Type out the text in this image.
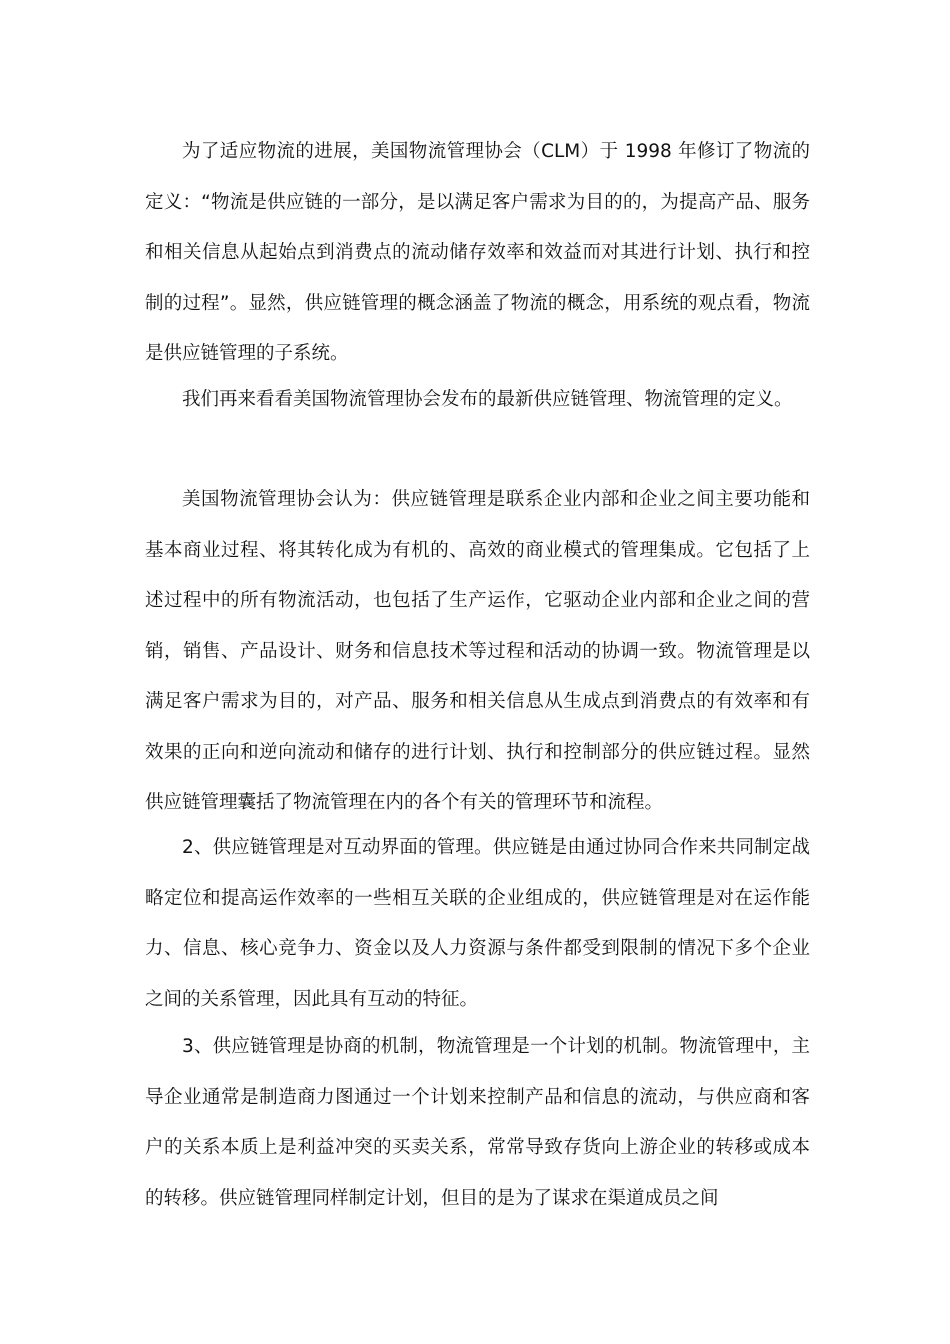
为了适应物流的进展，美国物流管理协会（CLM）于 1998 年修订了物流的定义：“物流是供应链的一部分，是以满足客户需求为目的的，为提高产品、服务和相关信息从起始点到消费点的流动储存效率和效益而对其进行计划、执行和控制的过程”。显然，供应链管理的概念涵盖了物流的概念，用系统的观点看，物流是供应链管理的子系统。

我们再来看看美国物流管理协会发布的最新供应链管理、物流管理的定义。

美国物流管理协会认为：供应链管理是联系企业内部和企业之间主要功能和基本商业过程、将其转化成为有机的、高效的商业模式的管理集成。它包括了上述过程中的所有物流活动，也包括了生产运作，它驱动企业内部和企业之间的营销，销售、产品设计、财务和信息技术等过程和活动的协调一致。物流管理是以满足客户需求为目的，对产品、服务和相关信息从生成点到消费点的有效率和有效果的正向和逆向流动和储存的进行计划、执行和控制部分的供应链过程。显然供应链管理囊括了物流管理在内的各个有关的管理环节和流程。

2、供应链管理是对互动界面的管理。供应链是由通过协同合作来共同制定战略定位和提高运作效率的一些相互关联的企业组成的，供应链管理是对在运作能力、信息、核心竞争力、资金以及人力资源与条件都受到限制的情况下多个企业之间的关系管理，因此具有互动的特征。

3、供应链管理是协商的机制，物流管理是一个计划的机制。物流管理中，主导企业通常是制造商力图通过一个计划来控制产品和信息的流动，与供应商和客户的关系本质上是利益冲突的买卖关系，常常导致存货向上游企业的转移或成本的转移。供应链管理同样制定计划，但目的是为了谋求在渠道成员之间
